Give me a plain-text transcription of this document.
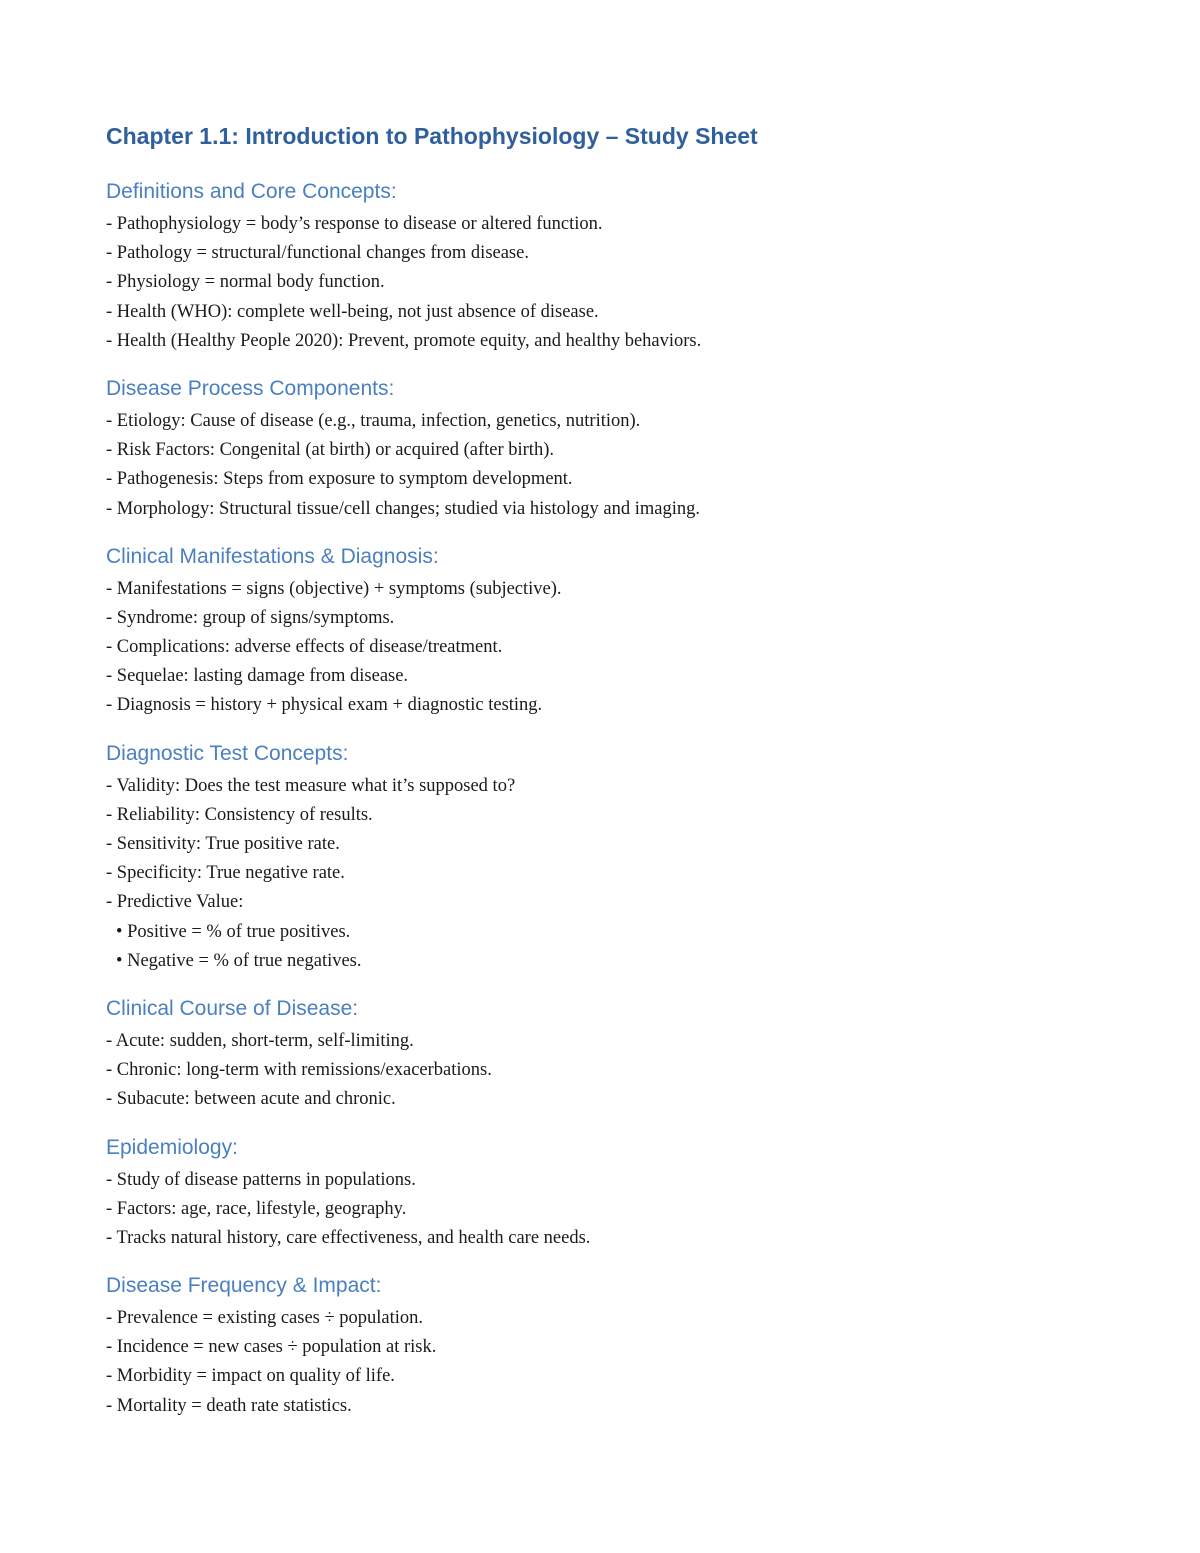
Chapter 1.1: Introduction to Pathophysiology – Study Sheet
Definitions and Core Concepts:
- Pathophysiology = body’s response to disease or altered function.
- Pathology = structural/functional changes from disease.
- Physiology = normal body function.
- Health (WHO): complete well-being, not just absence of disease.
- Health (Healthy People 2020): Prevent, promote equity, and healthy behaviors.
Disease Process Components:
- Etiology: Cause of disease (e.g., trauma, infection, genetics, nutrition).
- Risk Factors: Congenital (at birth) or acquired (after birth).
- Pathogenesis: Steps from exposure to symptom development.
- Morphology: Structural tissue/cell changes; studied via histology and imaging.
Clinical Manifestations & Diagnosis:
- Manifestations = signs (objective) + symptoms (subjective).
- Syndrome: group of signs/symptoms.
- Complications: adverse effects of disease/treatment.
- Sequelae: lasting damage from disease.
- Diagnosis = history + physical exam + diagnostic testing.
Diagnostic Test Concepts:
- Validity: Does the test measure what it’s supposed to?
- Reliability: Consistency of results.
- Sensitivity: True positive rate.
- Specificity: True negative rate.
- Predictive Value:
• Positive = % of true positives.
• Negative = % of true negatives.
Clinical Course of Disease:
- Acute: sudden, short-term, self-limiting.
- Chronic: long-term with remissions/exacerbations.
- Subacute: between acute and chronic.
Epidemiology:
- Study of disease patterns in populations.
- Factors: age, race, lifestyle, geography.
- Tracks natural history, care effectiveness, and health care needs.
Disease Frequency & Impact:
- Prevalence = existing cases ÷ population.
- Incidence = new cases ÷ population at risk.
- Morbidity = impact on quality of life.
- Mortality = death rate statistics.
